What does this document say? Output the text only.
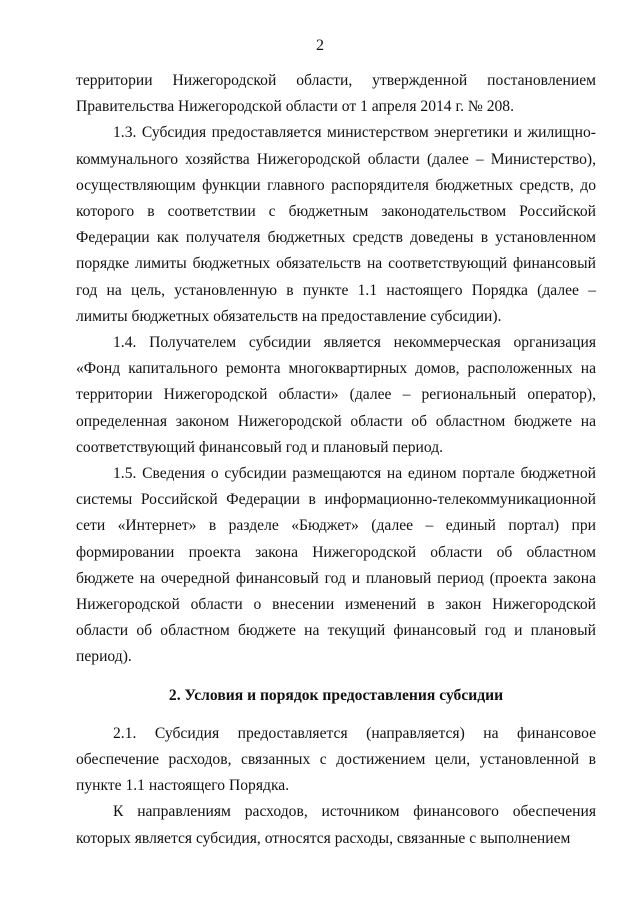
2

территории Нижегородской области, утвержденной постановлением Правительства Нижегородской области от 1 апреля 2014 г. № 208.

1.3. Субсидия предоставляется министерством энергетики и жилищно-коммунального хозяйства Нижегородской области (далее – Министерство), осуществляющим функции главного распорядителя бюджетных средств, до которого в соответствии с бюджетным законодательством Российской Федерации как получателя бюджетных средств доведены в установленном порядке лимиты бюджетных обязательств на соответствующий финансовый год на цель, установленную в пункте 1.1 настоящего Порядка (далее – лимиты бюджетных обязательств на предоставление субсидии).

1.4. Получателем субсидии является некоммерческая организация «Фонд капитального ремонта многоквартирных домов, расположенных на территории Нижегородской области» (далее – региональный оператор), определенная законом Нижегородской области об областном бюджете на соответствующий финансовый год и плановый период.

1.5. Сведения о субсидии размещаются на едином портале бюджетной системы Российской Федерации в информационно-телекоммуникационной сети «Интернет» в разделе «Бюджет» (далее – единый портал) при формировании проекта закона Нижегородской области об областном бюджете на очередной финансовый год и плановый период (проекта закона Нижегородской области о внесении изменений в закон Нижегородской области об областном бюджете на текущий финансовый год и плановый период).

2. Условия и порядок предоставления субсидии

2.1. Субсидия предоставляется (направляется) на финансовое обеспечение расходов, связанных с достижением цели, установленной в пункте 1.1 настоящего Порядка.

К направлениям расходов, источником финансового обеспечения которых является субсидия, относятся расходы, связанные с выполнением
